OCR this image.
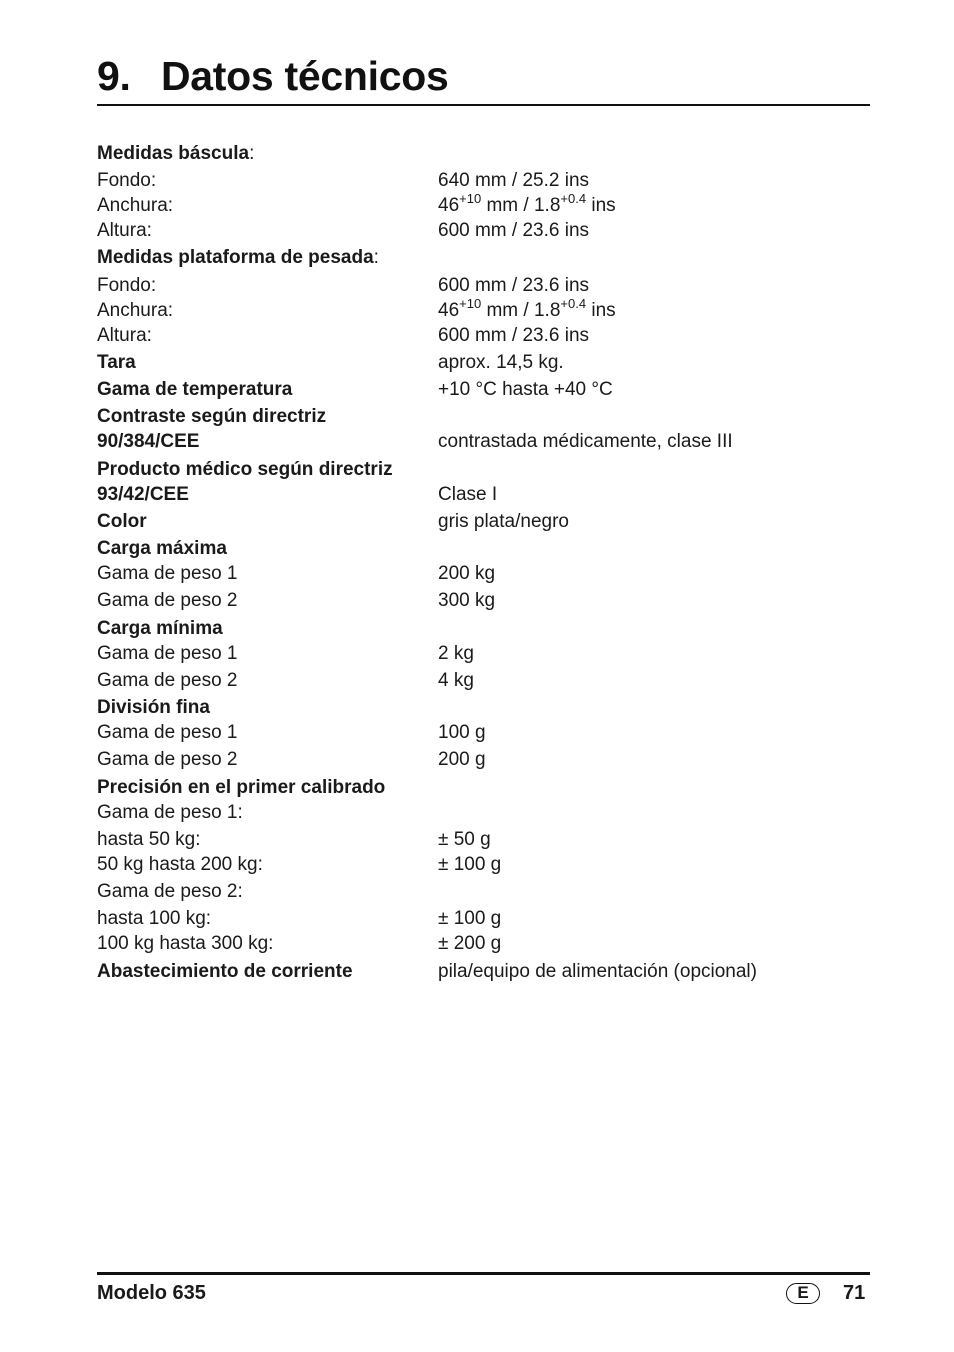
9. Datos técnicos
Medidas báscula:
Fondo:	640 mm / 25.2 ins
Anchura:	$46^{+10}$ mm / $1.8^{+0.4}$ ins
Altura:	600 mm / 23.6 ins
Medidas plataforma de pesada:
Fondo:	600 mm / 23.6 ins
Anchura:	$46^{+10}$ mm / $1.8^{+0.4}$ ins
Altura:	600 mm / 23.6 ins
Tara	aprox. 14,5 kg.
Gama de temperatura	+10 °C hasta +40 °C
Contraste según directriz
90/384/CEE	contrastada médicamente, clase III
Producto médico según directriz
93/42/CEE	Clase I
Color	gris plata/negro
Carga máxima
Gama de peso 1	200 kg
Gama de peso 2	300 kg
Carga mínima
Gama de peso 1	2 kg
Gama de peso 2	4 kg
División fina
Gama de peso 1	100 g
Gama de peso 2	200 g
Precisión en el primer calibrado
Gama de peso 1:
hasta 50 kg:	± 50 g
50 kg hasta 200 kg:	± 100 g
Gama de peso 2:
hasta 100 kg:	± 100 g
100 kg hasta 300 kg:	± 200 g
Abastecimiento de corriente	pila/equipo de alimentación (opcional)
Modelo 635	E	71
